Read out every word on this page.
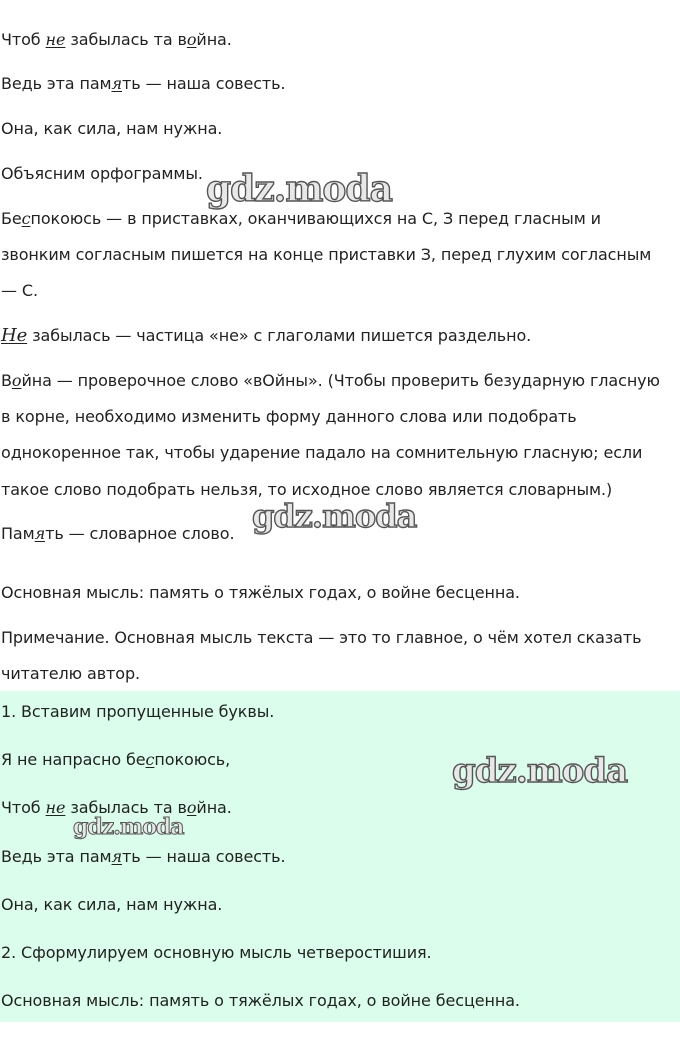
Чтоб не забылась та война.
Ведь эта память — наша совесть.
Она, как сила, нам нужна.
Объясним орфограммы.
Беспокоюсь — в приставках, оканчивающихся на С, З перед гласным и
звонким согласным пишется на конце приставки З, перед глухим согласным
— С.
Не забылась — частица «не» с глаголами пишется раздельно.
Война — проверочное слово «вОйны». (Чтобы проверить безударную гласную
в корне, необходимо изменить форму данного слова или подобрать
однокоренное так, чтобы ударение падало на сомнительную гласную; если
такое слово подобрать нельзя, то исходное слово является словарным.)
Память — словарное слово.
Основная мысль: память о тяжёлых годах, о войне бесценна.
Примечание. Основная мысль текста — это то главное, о чём хотел сказать
читателю автор.
1. Вставим пропущенные буквы.
Я не напрасно беспокоюсь,
Чтоб не забылась та война.
Ведь эта память — наша совесть.
Она, как сила, нам нужна.
2. Сформулируем основную мысль четверостишия.
Основная мысль: память о тяжёлых годах, о войне бесценна.
gdz.moda
gdz.moda
gdz.moda
gdz.moda
